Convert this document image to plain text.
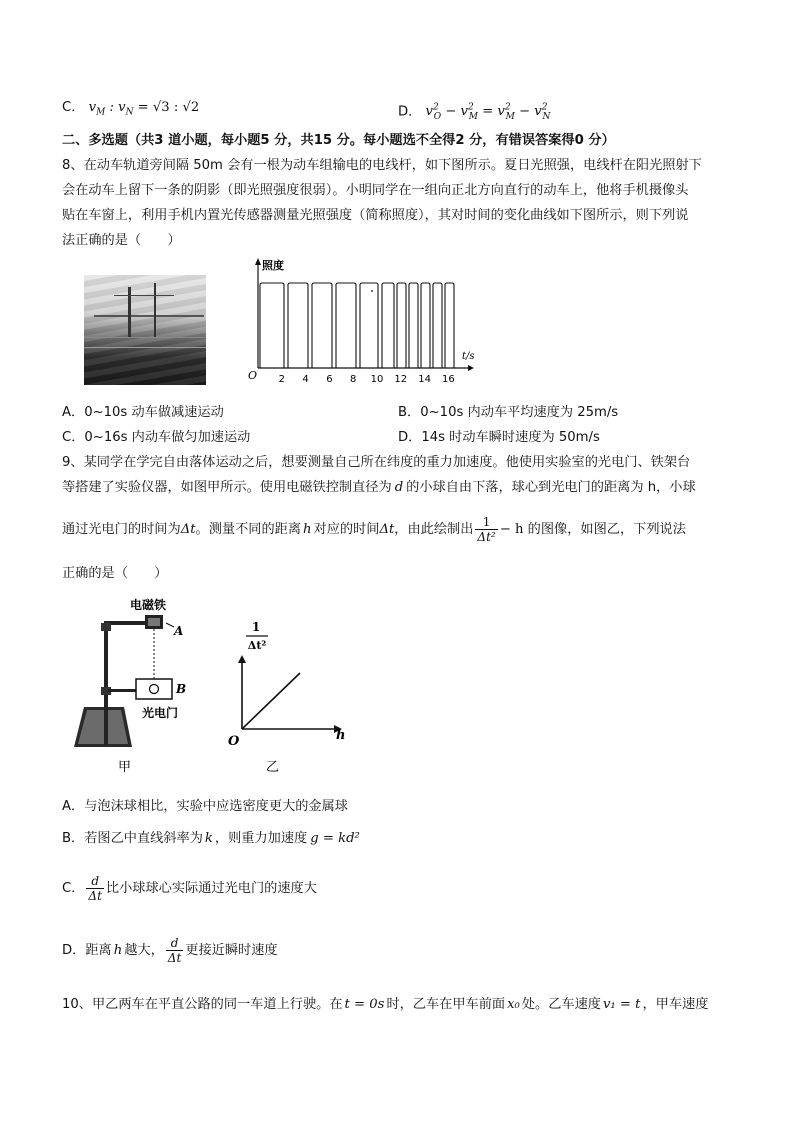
C． $v_M$ : $v_N = √3$ : √2	D． $v^2_O - v^2_M = v^2_M - v^2_N$
二、多选题（共3 道小题，每小题5 分，共15 分。每小题选不全得2 分，有错误答案得0 分）
8、在动车轨道旁间隔 50m 会有一根为动车组输电的电线杆，如下图所示。夏日光照强，电线杆在阳光照射下
会在动车上留下一条的阴影（即光照强度很弱）。小明同学在一组向正北方向直行的动车上，他将手机摄像头
贴在车窗上，利用手机内置光传感器测量光照强度（简称照度），其对时间的变化曲线如下图所示，则下列说
法正确的是（　　）
照度
t/s
O 2 4 6 8 10 12 14 16
A．0~10s 动车做减速运动	B．0~10s 内动车平均速度为 25m/s
C．0~16s 内动车做匀加速运动	D．14s 时动车瞬时速度为 50m/s
9、某同学在学完自由落体运动之后，想要测量自己所在纬度的重力加速度。他使用实验室的光电门、铁架台
等搭建了实验仪器，如图甲所示。使用电磁铁控制直径为 d 的小球自由下落，球心到光电门的距离为 h，小球
通过光电门的时间为Δt。测量不同的距离 h 对应的时间Δt，由此绘制出 $\frac{1}{\text{Δt²}} - h$ 的图像，如图乙，下列说法
正确的是（　　）
电磁铁
A
B
光电门
甲
1
Δt²
h
O
乙
A．与泡沫球相比，实验中应选密度更大的金属球
B．若图乙中直线斜率为 k ，则重力加速度 g = kd²
C． $\frac{d}{\Delta t}$ 比小球球心实际通过光电门的速度大
D．距离 h 越大， $\frac{d}{\Delta t}$ 更接近瞬时速度
10、甲乙两车在平直公路的同一车道上行驶。在 t = 0s 时，乙车在甲车前面 x₀ 处。乙车速度 v₁ = t ，甲车速度
